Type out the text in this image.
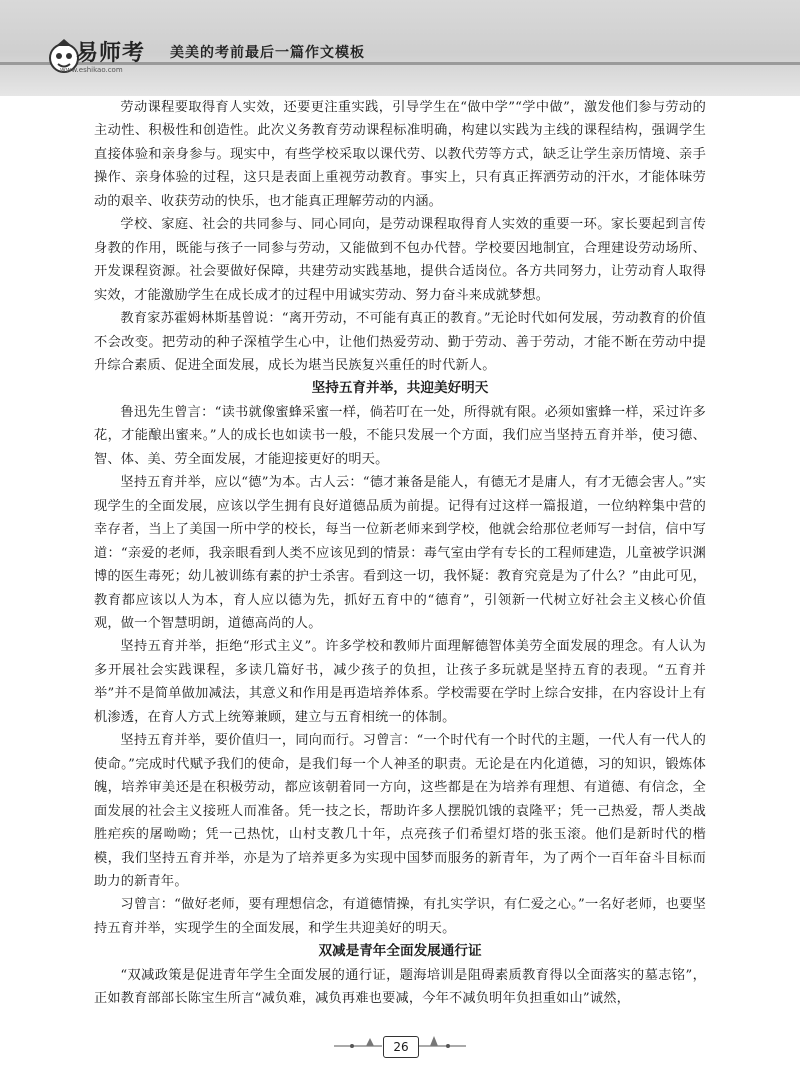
易师考
www.eshikao.com
美美的考前最后一篇作文模板

劳动课程要取得育人实效，还要更注重实践，引导学生在“做中学”“学中做”，激发他们参与劳动的主动性、积极性和创造性。此次义务教育劳动课程标准明确，构建以实践为主线的课程结构，强调学生直接体验和亲身参与。现实中，有些学校采取以课代劳、以教代劳等方式，缺乏让学生亲历情境、亲手操作、亲身体验的过程，这只是表面上重视劳动教育。事实上，只有真正挥洒劳动的汗水，才能体味劳动的艰辛、收获劳动的快乐，也才能真正理解劳动的内涵。

学校、家庭、社会的共同参与、同心同向，是劳动课程取得育人实效的重要一环。家长要起到言传身教的作用，既能与孩子一同参与劳动，又能做到不包办代替。学校要因地制宜，合理建设劳动场所、开发课程资源。社会要做好保障，共建劳动实践基地，提供合适岗位。各方共同努力，让劳动育人取得实效，才能激励学生在成长成才的过程中用诚实劳动、努力奋斗来成就梦想。

教育家苏霍姆林斯基曾说：“离开劳动，不可能有真正的教育。”无论时代如何发展，劳动教育的价值不会改变。把劳动的种子深植学生心中，让他们热爱劳动、勤于劳动、善于劳动，才能不断在劳动中提升综合素质、促进全面发展，成长为堪当民族复兴重任的时代新人。

坚持五育并举，共迎美好明天

鲁迅先生曾言：“读书就像蜜蜂采蜜一样，倘若叮在一处，所得就有限。必须如蜜蜂一样，采过许多花，才能酿出蜜来。”人的成长也如读书一般，不能只发展一个方面，我们应当坚持五育并举，使习德、智、体、美、劳全面发展，才能迎接更好的明天。

坚持五育并举，应以“德”为本。古人云：“德才兼备是能人，有德无才是庸人，有才无德会害人。”实现学生的全面发展，应该以学生拥有良好道德品质为前提。记得有过这样一篇报道，一位纳粹集中营的幸存者，当上了美国一所中学的校长，每当一位新老师来到学校，他就会给那位老师写一封信，信中写道：“亲爱的老师，我亲眼看到人类不应该见到的情景：毒气室由学有专长的工程师建造，儿童被学识渊博的医生毒死；幼儿被训练有素的护士杀害。看到这一切，我怀疑：教育究竟是为了什么？”由此可见，教育都应该以人为本，育人应以德为先，抓好五育中的“德育”，引领新一代树立好社会主义核心价值观，做一个智慧明朗，道德高尚的人。

坚持五育并举，拒绝“形式主义”。许多学校和教师片面理解德智体美劳全面发展的理念。有人认为多开展社会实践课程，多读几篇好书，减少孩子的负担，让孩子多玩就是坚持五育的表现。“五育并举”并不是简单做加减法，其意义和作用是再造培养体系。学校需要在学时上综合安排，在内容设计上有机渗透，在育人方式上统筹兼顾，建立与五育相统一的体制。

坚持五育并举，要价值归一，同向而行。习曾言：“一个时代有一个时代的主题，一代人有一代人的使命。”完成时代赋予我们的使命，是我们每一个人神圣的职责。无论是在内化道德，习的知识，锻炼体魄，培养审美还是在积极劳动，都应该朝着同一方向，这些都是在为培养有理想、有道德、有信念，全面发展的社会主义接班人而准备。凭一技之长，帮助许多人摆脱饥饿的袁隆平；凭一己热爱，帮人类战胜疟疾的屠呦呦；凭一己热忱，山村支教几十年，点亮孩子们希望灯塔的张玉滚。他们是新时代的楷模，我们坚持五育并举，亦是为了培养更多为实现中国梦而服务的新青年，为了两个一百年奋斗目标而助力的新青年。

习曾言：“做好老师，要有理想信念，有道德情操，有扎实学识，有仁爱之心。”一名好老师，也要坚持五育并举，实现学生的全面发展，和学生共迎美好的明天。

双减是青年全面发展通行证

“双减政策是促进青年学生全面发展的通行证，题海培训是阻碍素质教育得以全面落实的墓志铭”，正如教育部部长陈宝生所言“减负难，减负再难也要减，今年不减负明年负担重如山”诚然，

26
